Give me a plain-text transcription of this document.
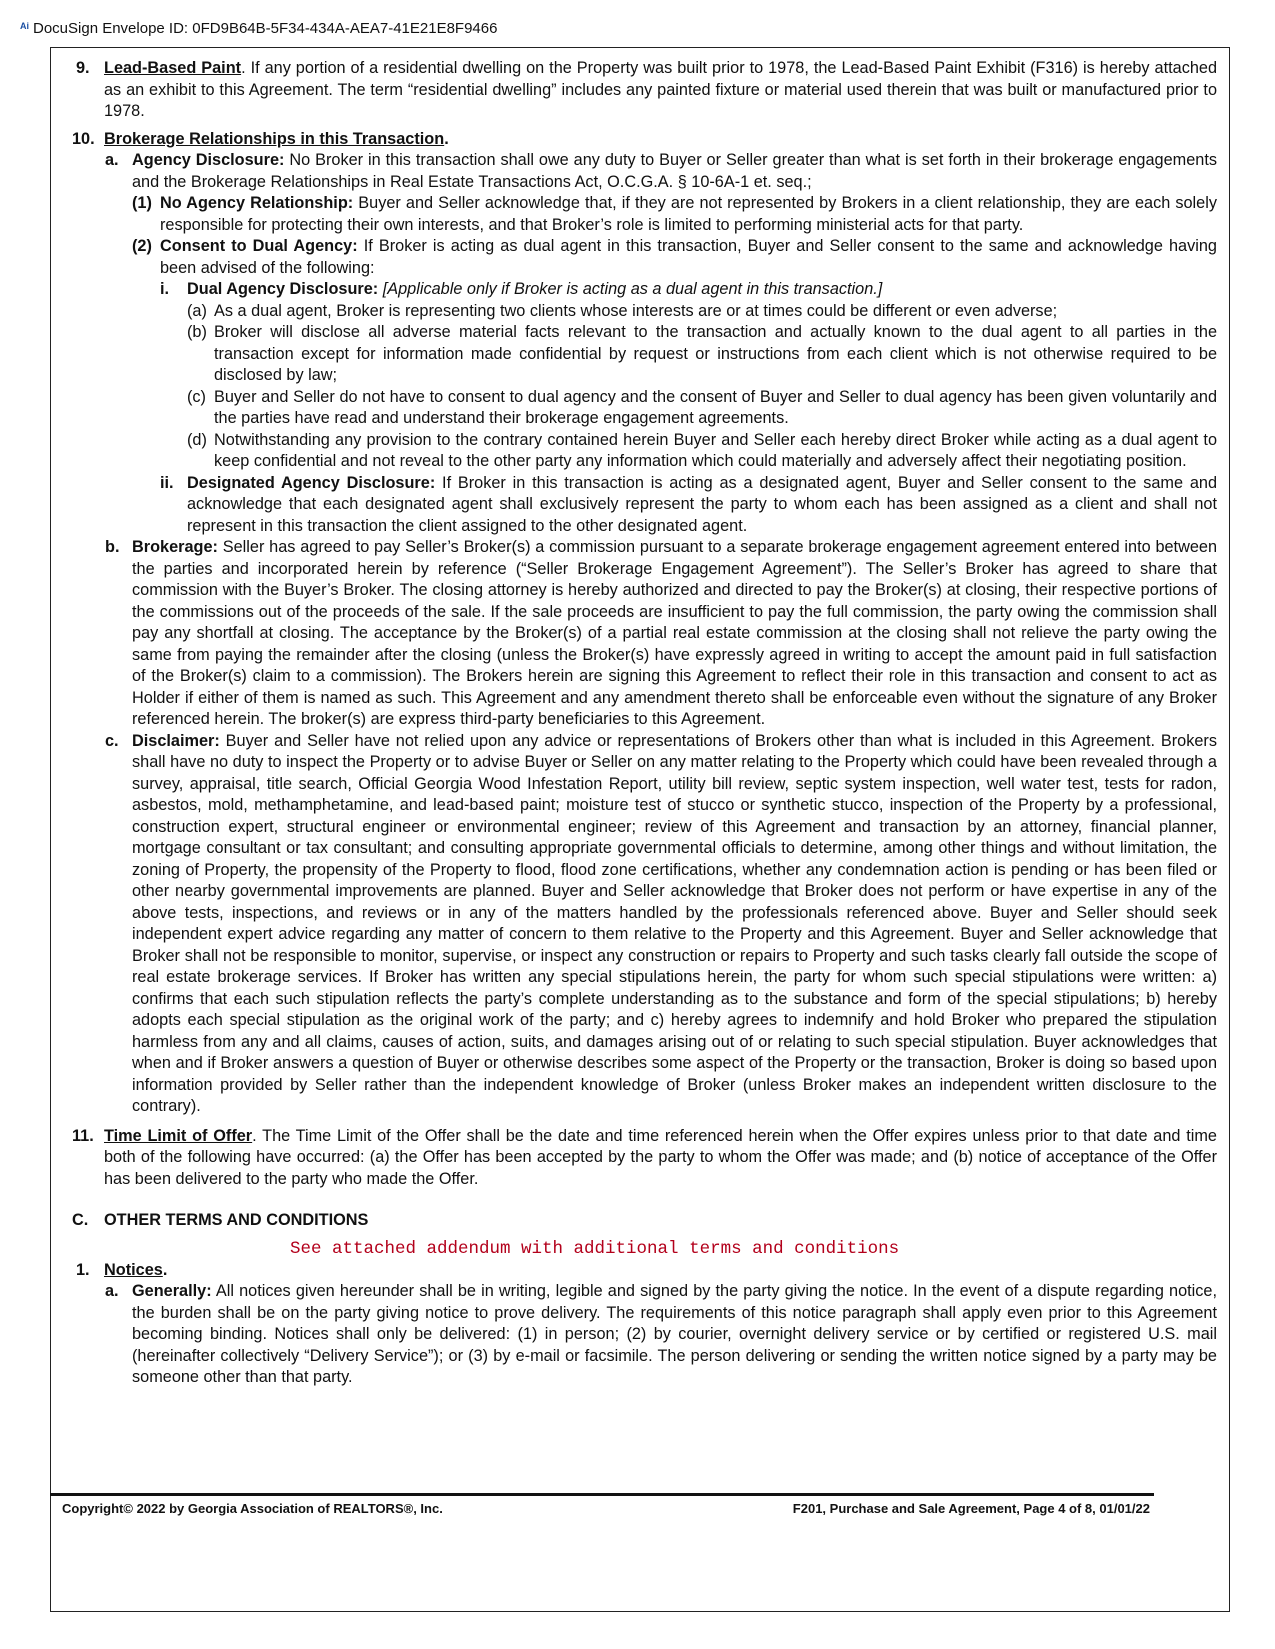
Ai DocuSign Envelope ID: 0FD9B64B-5F34-434A-AEA7-41E21E8F9466
9. Lead-Based Paint. If any portion of a residential dwelling on the Property was built prior to 1978, the Lead-Based Paint Exhibit (F316) is hereby attached as an exhibit to this Agreement. The term “residential dwelling” includes any painted fixture or material used therein that was built or manufactured prior to 1978.
10. Brokerage Relationships in this Transaction.
a. Agency Disclosure: No Broker in this transaction shall owe any duty to Buyer or Seller greater than what is set forth in their brokerage engagements and the Brokerage Relationships in Real Estate Transactions Act, O.C.G.A. § 10-6A-1 et. seq.;
(1) No Agency Relationship: Buyer and Seller acknowledge that, if they are not represented by Brokers in a client relationship, they are each solely responsible for protecting their own interests, and that Broker’s role is limited to performing ministerial acts for that party.
(2) Consent to Dual Agency: If Broker is acting as dual agent in this transaction, Buyer and Seller consent to the same and acknowledge having been advised of the following:
i. Dual Agency Disclosure: [Applicable only if Broker is acting as a dual agent in this transaction.]
(a) As a dual agent, Broker is representing two clients whose interests are or at times could be different or even adverse;
(b) Broker will disclose all adverse material facts relevant to the transaction and actually known to the dual agent to all parties in the transaction except for information made confidential by request or instructions from each client which is not otherwise required to be disclosed by law;
(c) Buyer and Seller do not have to consent to dual agency and the consent of Buyer and Seller to dual agency has been given voluntarily and the parties have read and understand their brokerage engagement agreements.
(d) Notwithstanding any provision to the contrary contained herein Buyer and Seller each hereby direct Broker while acting as a dual agent to keep confidential and not reveal to the other party any information which could materially and adversely affect their negotiating position.
ii. Designated Agency Disclosure: If Broker in this transaction is acting as a designated agent, Buyer and Seller consent to the same and acknowledge that each designated agent shall exclusively represent the party to whom each has been assigned as a client and shall not represent in this transaction the client assigned to the other designated agent.
b. Brokerage: Seller has agreed to pay Seller’s Broker(s) a commission pursuant to a separate brokerage engagement agreement entered into between the parties and incorporated herein by reference (“Seller Brokerage Engagement Agreement”). The Seller’s Broker has agreed to share that commission with the Buyer’s Broker. The closing attorney is hereby authorized and directed to pay the Broker(s) at closing, their respective portions of the commissions out of the proceeds of the sale. If the sale proceeds are insufficient to pay the full commission, the party owing the commission shall pay any shortfall at closing. The acceptance by the Broker(s) of a partial real estate commission at the closing shall not relieve the party owing the same from paying the remainder after the closing (unless the Broker(s) have expressly agreed in writing to accept the amount paid in full satisfaction of the Broker(s) claim to a commission). The Brokers herein are signing this Agreement to reflect their role in this transaction and consent to act as Holder if either of them is named as such. This Agreement and any amendment thereto shall be enforceable even without the signature of any Broker referenced herein. The broker(s) are express third-party beneficiaries to this Agreement.
c. Disclaimer: Buyer and Seller have not relied upon any advice or representations of Brokers other than what is included in this Agreement. Brokers shall have no duty to inspect the Property or to advise Buyer or Seller on any matter relating to the Property which could have been revealed through a survey, appraisal, title search, Official Georgia Wood Infestation Report, utility bill review, septic system inspection, well water test, tests for radon, asbestos, mold, methamphetamine, and lead-based paint; moisture test of stucco or synthetic stucco, inspection of the Property by a professional, construction expert, structural engineer or environmental engineer; review of this Agreement and transaction by an attorney, financial planner, mortgage consultant or tax consultant; and consulting appropriate governmental officials to determine, among other things and without limitation, the zoning of Property, the propensity of the Property to flood, flood zone certifications, whether any condemnation action is pending or has been filed or other nearby governmental improvements are planned. Buyer and Seller acknowledge that Broker does not perform or have expertise in any of the above tests, inspections, and reviews or in any of the matters handled by the professionals referenced above. Buyer and Seller should seek independent expert advice regarding any matter of concern to them relative to the Property and this Agreement. Buyer and Seller acknowledge that Broker shall not be responsible to monitor, supervise, or inspect any construction or repairs to Property and such tasks clearly fall outside the scope of real estate brokerage services. If Broker has written any special stipulations herein, the party for whom such special stipulations were written: a) confirms that each such stipulation reflects the party’s complete understanding as to the substance and form of the special stipulations; b) hereby adopts each special stipulation as the original work of the party; and c) hereby agrees to indemnify and hold Broker who prepared the stipulation harmless from any and all claims, causes of action, suits, and damages arising out of or relating to such special stipulation. Buyer acknowledges that when and if Broker answers a question of Buyer or otherwise describes some aspect of the Property or the transaction, Broker is doing so based upon information provided by Seller rather than the independent knowledge of Broker (unless Broker makes an independent written disclosure to the contrary).
11. Time Limit of Offer. The Time Limit of the Offer shall be the date and time referenced herein when the Offer expires unless prior to that date and time both of the following have occurred: (a) the Offer has been accepted by the party to whom the Offer was made; and (b) notice of acceptance of the Offer has been delivered to the party who made the Offer.
C. OTHER TERMS AND CONDITIONS
See attached addendum with additional terms and conditions
1. Notices.
a. Generally: All notices given hereunder shall be in writing, legible and signed by the party giving the notice. In the event of a dispute regarding notice, the burden shall be on the party giving notice to prove delivery. The requirements of this notice paragraph shall apply even prior to this Agreement becoming binding. Notices shall only be delivered: (1) in person; (2) by courier, overnight delivery service or by certified or registered U.S. mail (hereinafter collectively “Delivery Service”); or (3) by e-mail or facsimile. The person delivering or sending the written notice signed by a party may be someone other than that party.
Copyright© 2022 by Georgia Association of REALTORS®, Inc.	F201, Purchase and Sale Agreement, Page 4 of 8, 01/01/22
